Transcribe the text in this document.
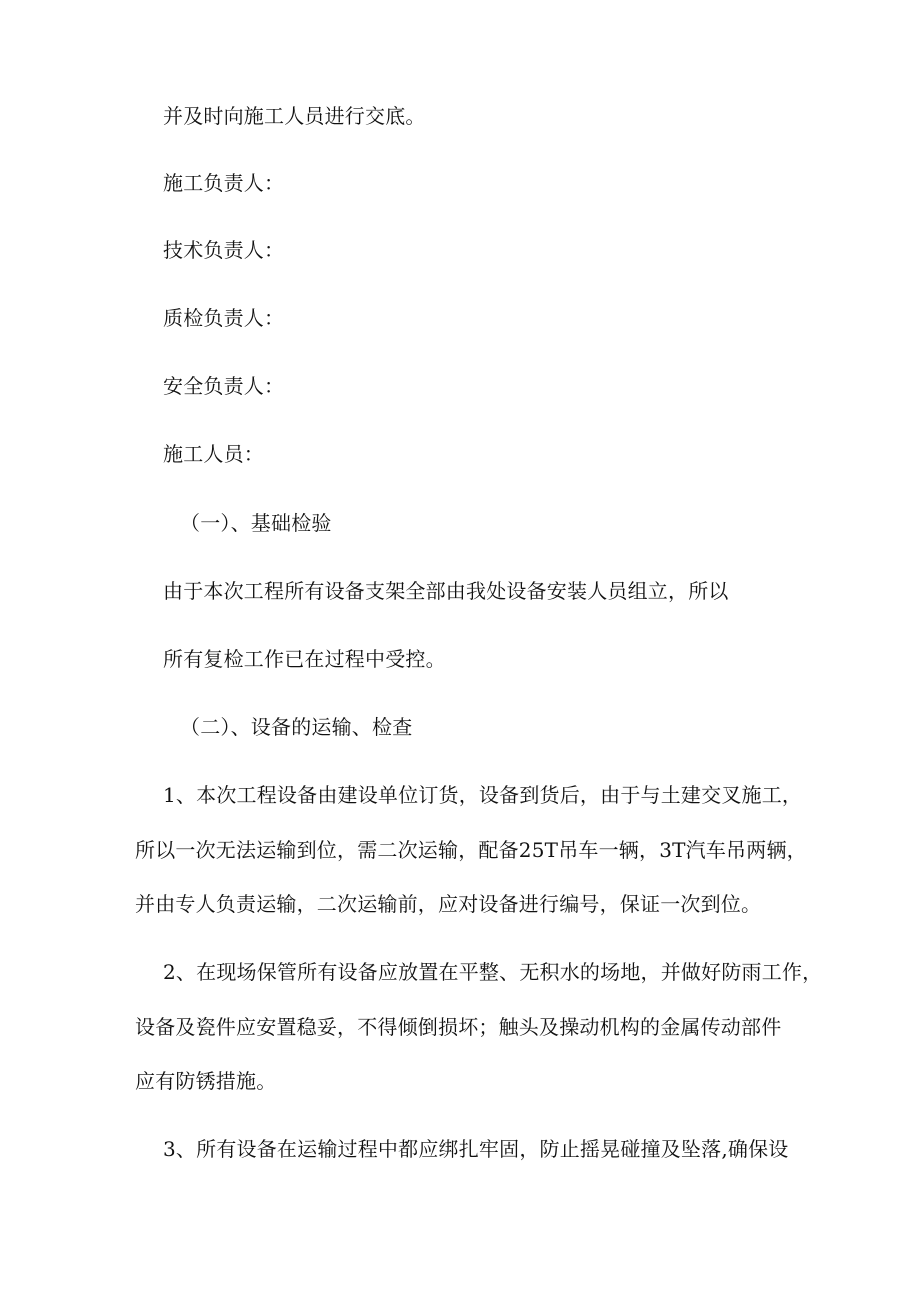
并及时向施工人员进行交底。
施工负责人：
技术负责人：
质检负责人：
安全负责人：
施工人员：
（一）、基础检验
由于本次工程所有设备支架全部由我处设备安装人员组立，所以
所有复检工作已在过程中受控。
（二）、设备的运输、检查
1、本次工程设备由建设单位订货，设备到货后，由于与土建交叉施工，
所以一次无法运输到位，需二次运输，配备25T吊车一辆，3T汽车吊两辆，
并由专人负责运输，二次运输前，应对设备进行编号，保证一次到位。
2、在现场保管所有设备应放置在平整、无积水的场地，并做好防雨工作，
设备及瓷件应安置稳妥，不得倾倒损坏；触头及操动机构的金属传动部件
应有防锈措施。
3、所有设备在运输过程中都应绑扎牢固，防止摇晃碰撞及坠落,确保设
